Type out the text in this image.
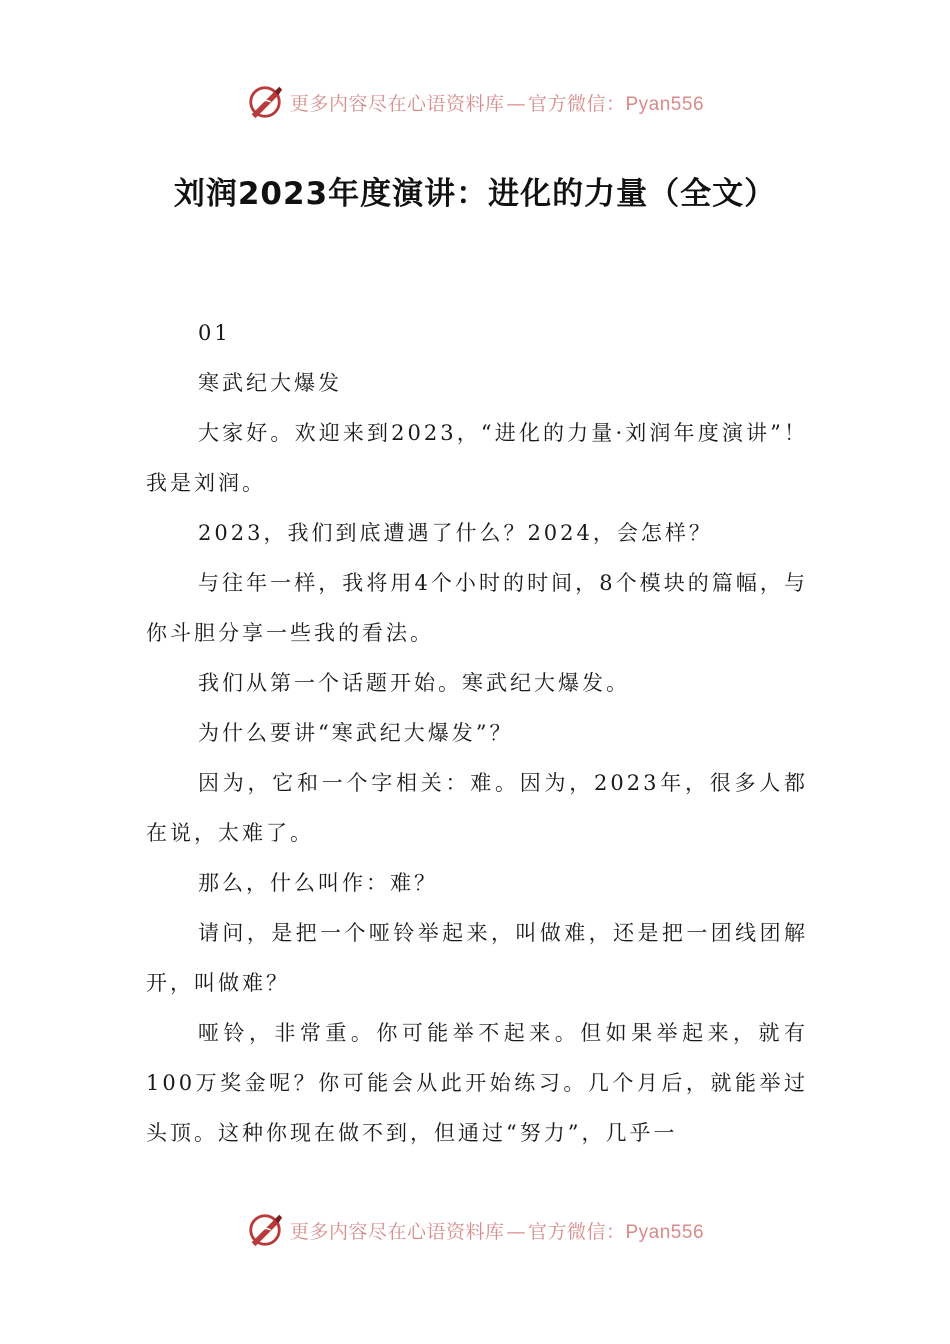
更多内容尽在心语资料库 — 官方微信：Pyan556
刘润2023年度演讲：进化的力量（全文）

01

寒武纪大爆发

大家好。欢迎来到2023，“进化的力量·刘润年度演讲”！我是刘润。

2023，我们到底遭遇了什么？2024，会怎样？

与往年一样，我将用4个小时的时间，8个模块的篇幅，与你斗胆分享一些我的看法。

我们从第一个话题开始。寒武纪大爆发。

为什么要讲“寒武纪大爆发”？

因为，它和一个字相关：难。因为，2023年，很多人都在说，太难了。

那么，什么叫作：难？

请问，是把一个哑铃举起来，叫做难，还是把一团线团解开，叫做难？

哑铃，非常重。你可能举不起来。但如果举起来，就有100万奖金呢？你可能会从此开始练习。几个月后，就能举过头顶。这种你现在做不到，但通过“努力”，几乎一

更多内容尽在心语资料库 — 官方微信：Pyan556
